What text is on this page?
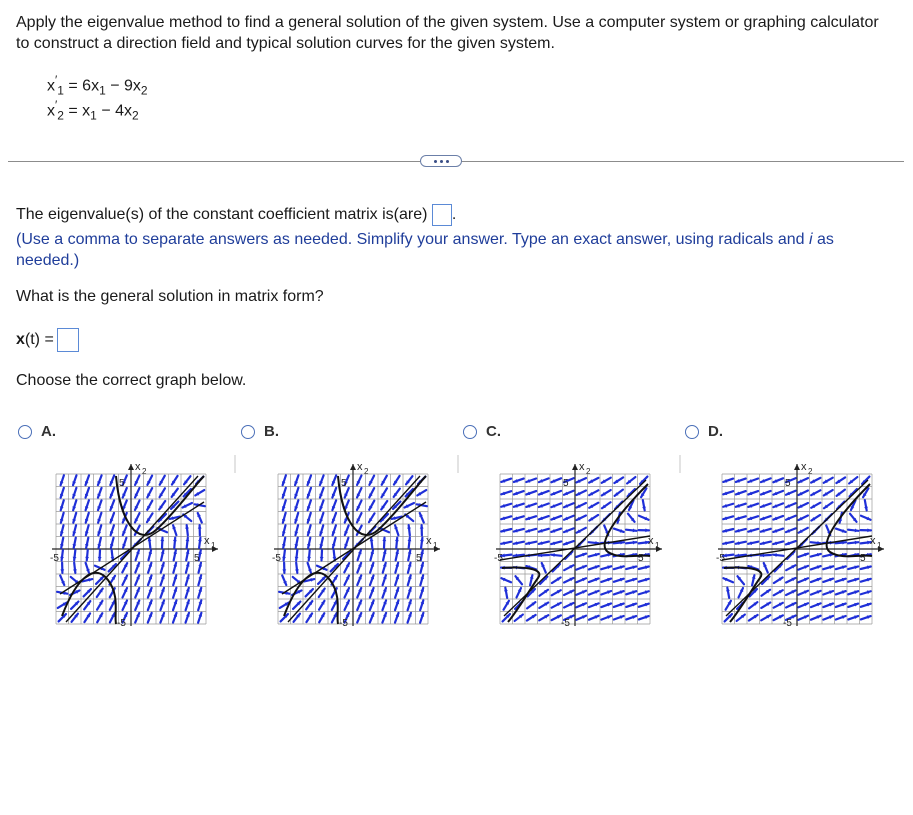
Apply the eigenvalue method to find a general solution of the given system. Use a computer system or graphing calculator to construct a direction field and typical solution curves for the given system.
$x'_1 = 6x_1 - 9x_2$
$x'_2 = x_1 - 4x_2$
The eigenvalue(s) of the constant coefficient matrix is(are) .
(Use a comma to separate answers as needed. Simplify your answer. Type an exact answer, using radicals and i as needed.)
What is the general solution in matrix form?
x (t) =
Choose the correct graph below.
A.	B.	C.	D.
x 2
x 1
5
5
-5
-5
x 2
x 1
5
5
-5
-5
x 2
x 1
5
5
-5
-5
x 2
x 1
5
5
-5
-5
